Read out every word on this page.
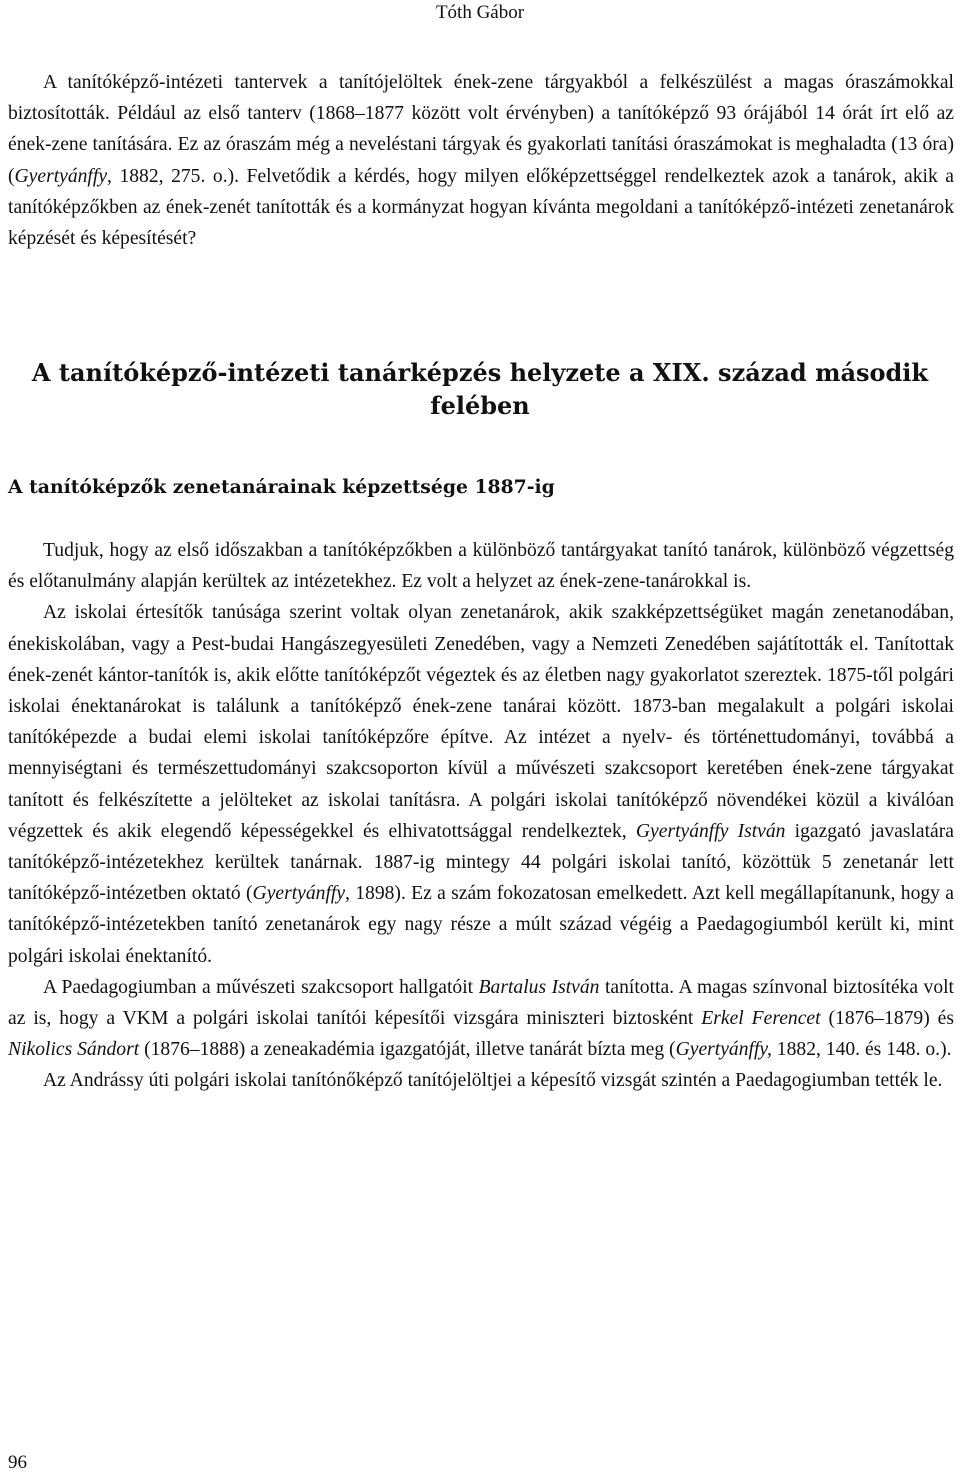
Tóth Gábor

A tanítóképző-intézeti tantervek a tanítójelöltek ének-zene tárgyakból a felkészülést a magas óraszámokkal biztosították. Például az első tanterv (1868–1877 között volt érvényben) a tanítóképző 93 órájából 14 órát írt elő az ének-zene tanítására. Ez az óraszám még a neveléstani tárgyak és gyakorlati tanítási óraszámokat is meghaladta (13 óra) (Gyertyánffy, 1882, 275. o.). Felvetődik a kérdés, hogy milyen előképzettséggel rendelkeztek azok a tanárok, akik a tanítóképzőkben az ének-zenét tanították és a kormányzat hogyan kívánta megoldani a tanítóképző-intézeti zenetanárok képzését és képesítését?

A tanítóképző-intézeti tanárképzés helyzete a XIX. század második felében
A tanítóképzők zenetanárainak képzettsége 1887-ig

Tudjuk, hogy az első időszakban a tanítóképzőkben a különböző tantárgyakat tanító tanárok, különböző végzettség és előtanulmány alapján kerültek az intézetekhez. Ez volt a helyzet az ének-zene-tanárokkal is.

Az iskolai értesítők tanúsága szerint voltak olyan zenetanárok, akik szakképzettségüket magán zenetanodában, énekiskolában, vagy a Pest-budai Hangászegyesületi Zenedében, vagy a Nemzeti Zenedében sajátították el. Tanítottak ének-zenét kántor-tanítók is, akik előtte tanítóképzőt végeztek és az életben nagy gyakorlatot szereztek. 1875-től polgári iskolai énektanárokat is találunk a tanítóképző ének-zene tanárai között. 1873-ban megalakult a polgári iskolai tanítóképezde a budai elemi iskolai tanítóképzőre építve. Az intézet a nyelv- és történettudományi, továbbá a mennyiségtani és természettudományi szakcsoporton kívül a művészeti szakcsoport keretében ének-zene tárgyakat tanított és felkészítette a jelölteket az iskolai tanításra. A polgári iskolai tanítóképző növendékei közül a kiválóan végzettek és akik elegendő képességekkel és elhivatottsággal rendelkeztek, Gyertyánffy István igazgató javaslatára tanítóképző-intézetekhez kerültek tanárnak. 1887-ig mintegy 44 polgári iskolai tanító, közöttük 5 zenetanár lett tanítóképző-intézetben oktató (Gyertyánffy, 1898). Ez a szám fokozatosan emelkedett. Azt kell megállapítanunk, hogy a tanítóképző-intézetekben tanító zenetanárok egy nagy része a múlt század végéig a Paedagogiumból került ki, mint polgári iskolai énektanító.

A Paedagogiumban a művészeti szakcsoport hallgatóit Bartalus István tanította. A magas színvonal biztosítéka volt az is, hogy a VKM a polgári iskolai tanítói képesítői vizsgára miniszteri biztosként Erkel Ferencet (1876–1879) és Nikolics Sándort (1876–1888) a zeneakadémia igazgatóját, illetve tanárát bízta meg (Gyertyánffy, 1882, 140. és 148. o.).

Az Andrássy úti polgári iskolai tanítónőképző tanítójelöltjei a képesítő vizsgát szintén a Paedagogiumban tették le.

96
